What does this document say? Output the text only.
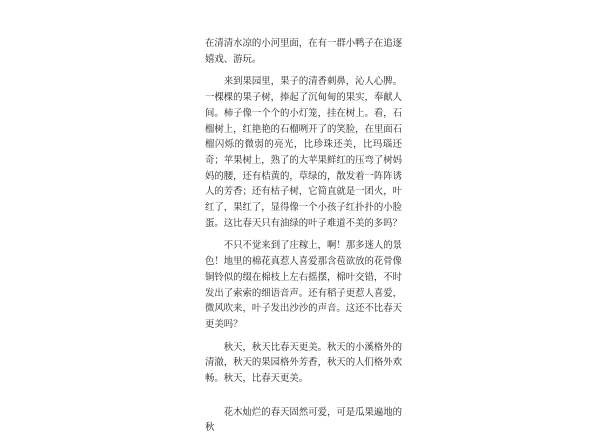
在清清水凉的小河里面，在有一群小鸭子在追逐嬉戏、游玩。

来到果园里，果子的清香刺鼻，沁人心脾。一棵棵的果子树，捧起了沉甸甸的果实，奉献人间。柿子像一个个的小灯笼，挂在树上。看，石榴树上，红艳艳的石榴咧开了的笑脸，在里面石榴闪烁的微弱的亮光，比珍珠还美，比玛瑙还奇；苹果树上，熟了的大苹果鲜红的压弯了树妈妈的腰，还有桔黄的，草绿的，散发着一阵阵诱人的芳香；还有枯子树，它简直就是一团火，叶红了，果红了，显得像一个小孩子红扑扑的小脸蛋。这比春天只有油绿的叶子难道不美的多吗？

不只不觉来到了庄稼上，啊！那多迷人的景色！地里的棉花真惹人喜爱那含苞欲放的花骨像铜铃似的缀在棉枝上左右摇摆，棉叶交错，不时发出了索索的细语音声。还有稻子更惹人喜爱，微风吹来，叶子发出沙沙的声音。这还不比春天更美吗？

秋天，秋天比春天更美。秋天的小溪格外的清澈，秋天的果园格外芳香，秋天的人们格外欢畅。秋天，比春天更美。

花木灿烂的春天固然可爱，可是瓜果遍地的秋
